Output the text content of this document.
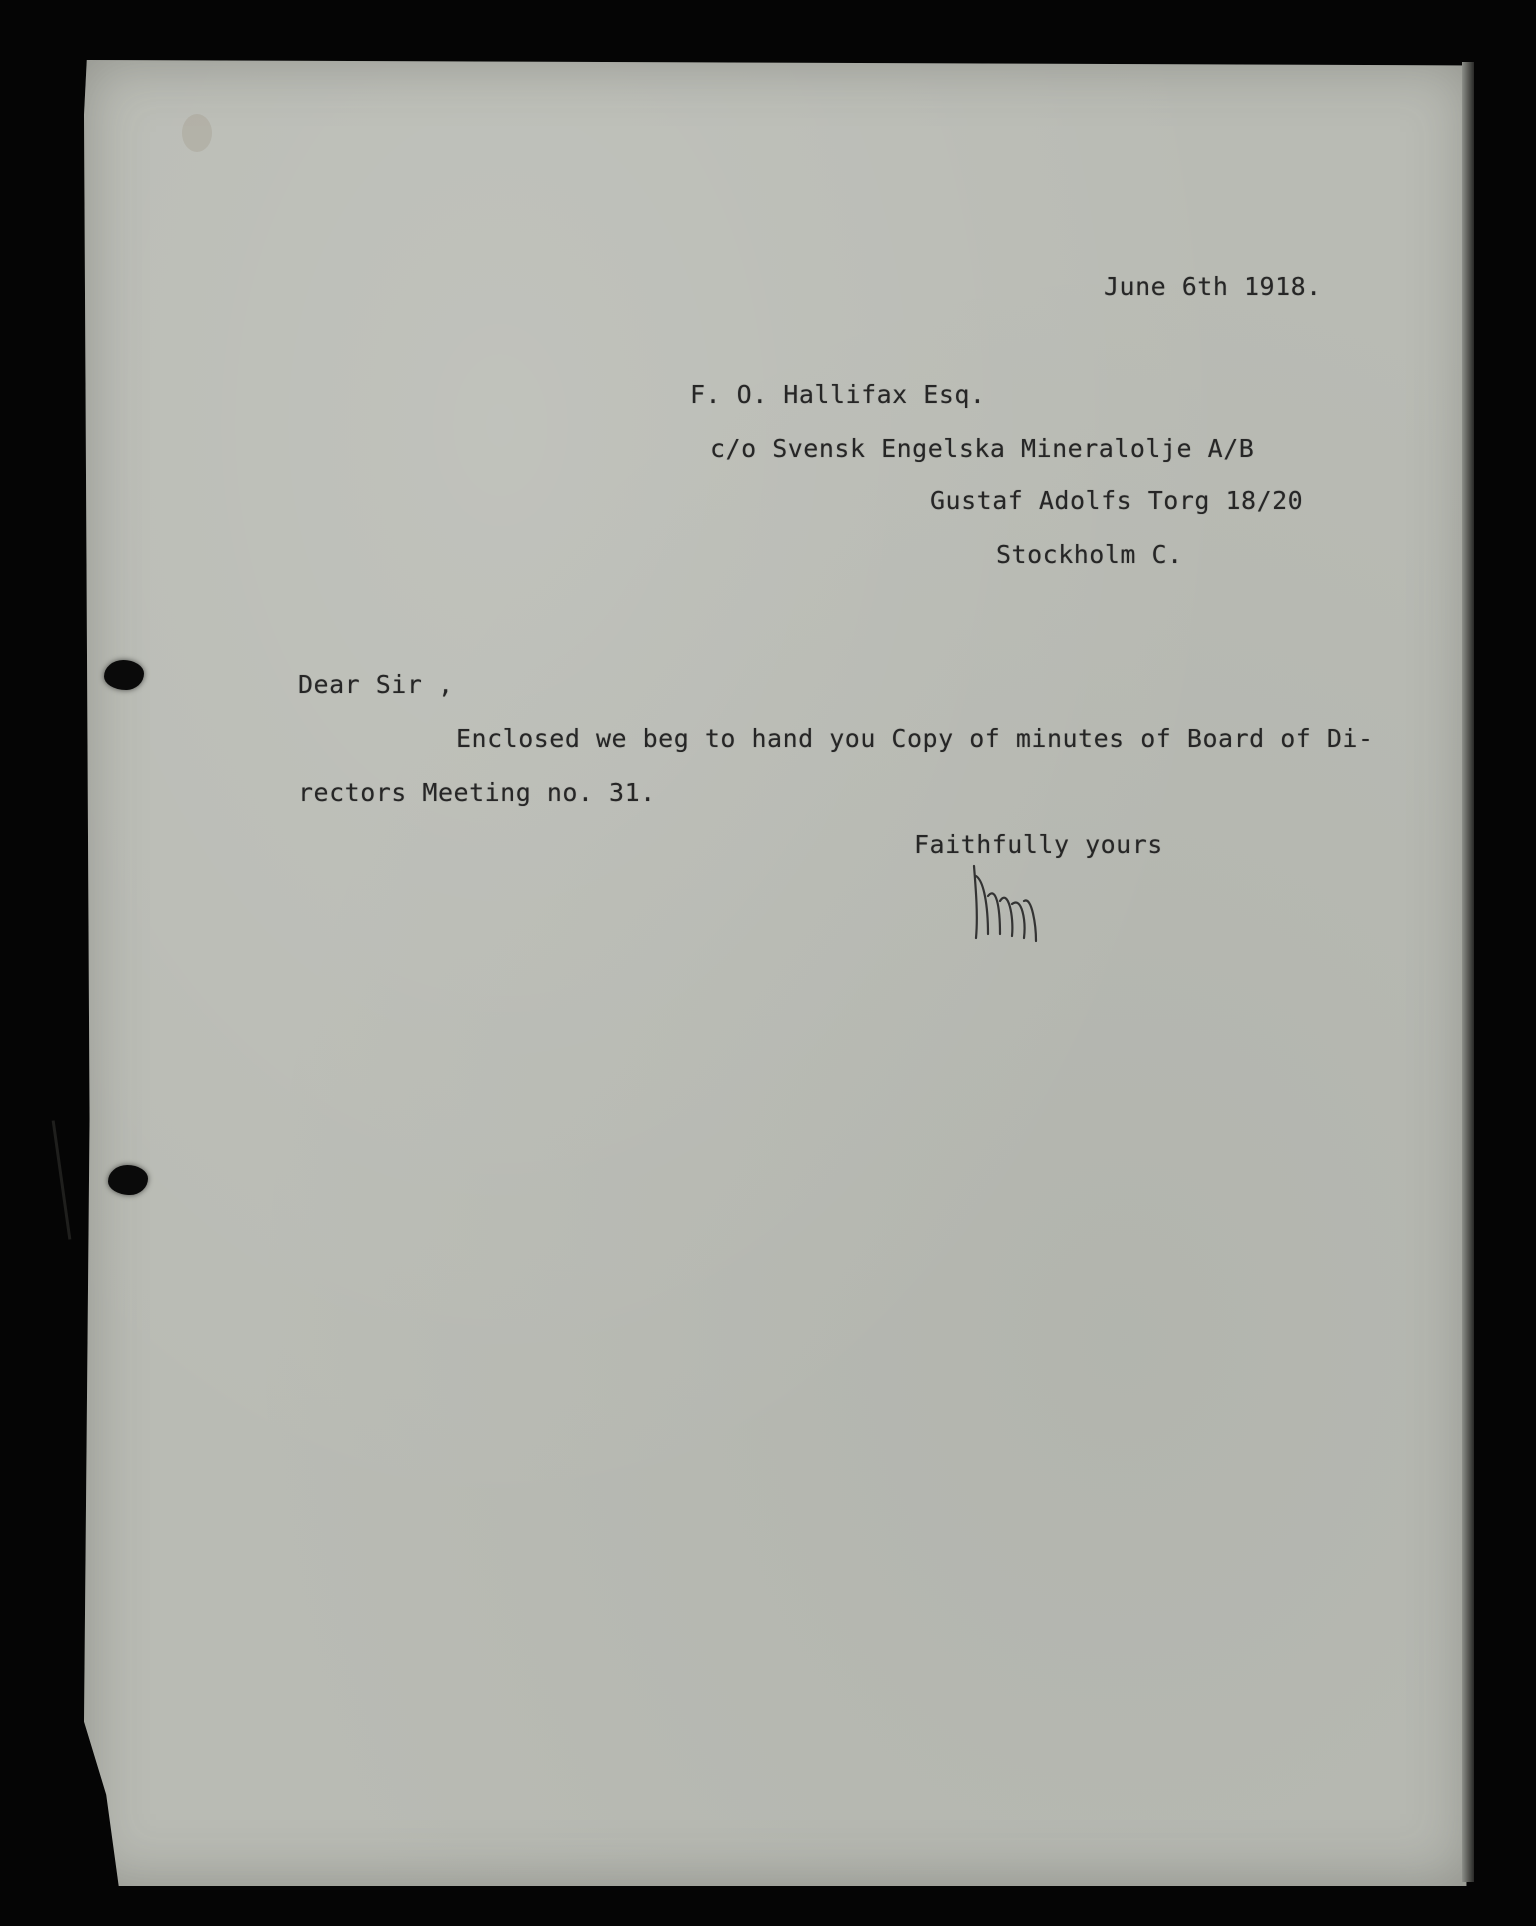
June 6th 1918.
F. O. Hallifax Esq.
c/o Svensk Engelska Mineralolje A/B
Gustaf Adolfs Torg 18/20
Stockholm C.
Dear Sir ,
Enclosed we beg to hand you Copy of minutes of Board of Di-
rectors Meeting no. 31.
Faithfully yours
